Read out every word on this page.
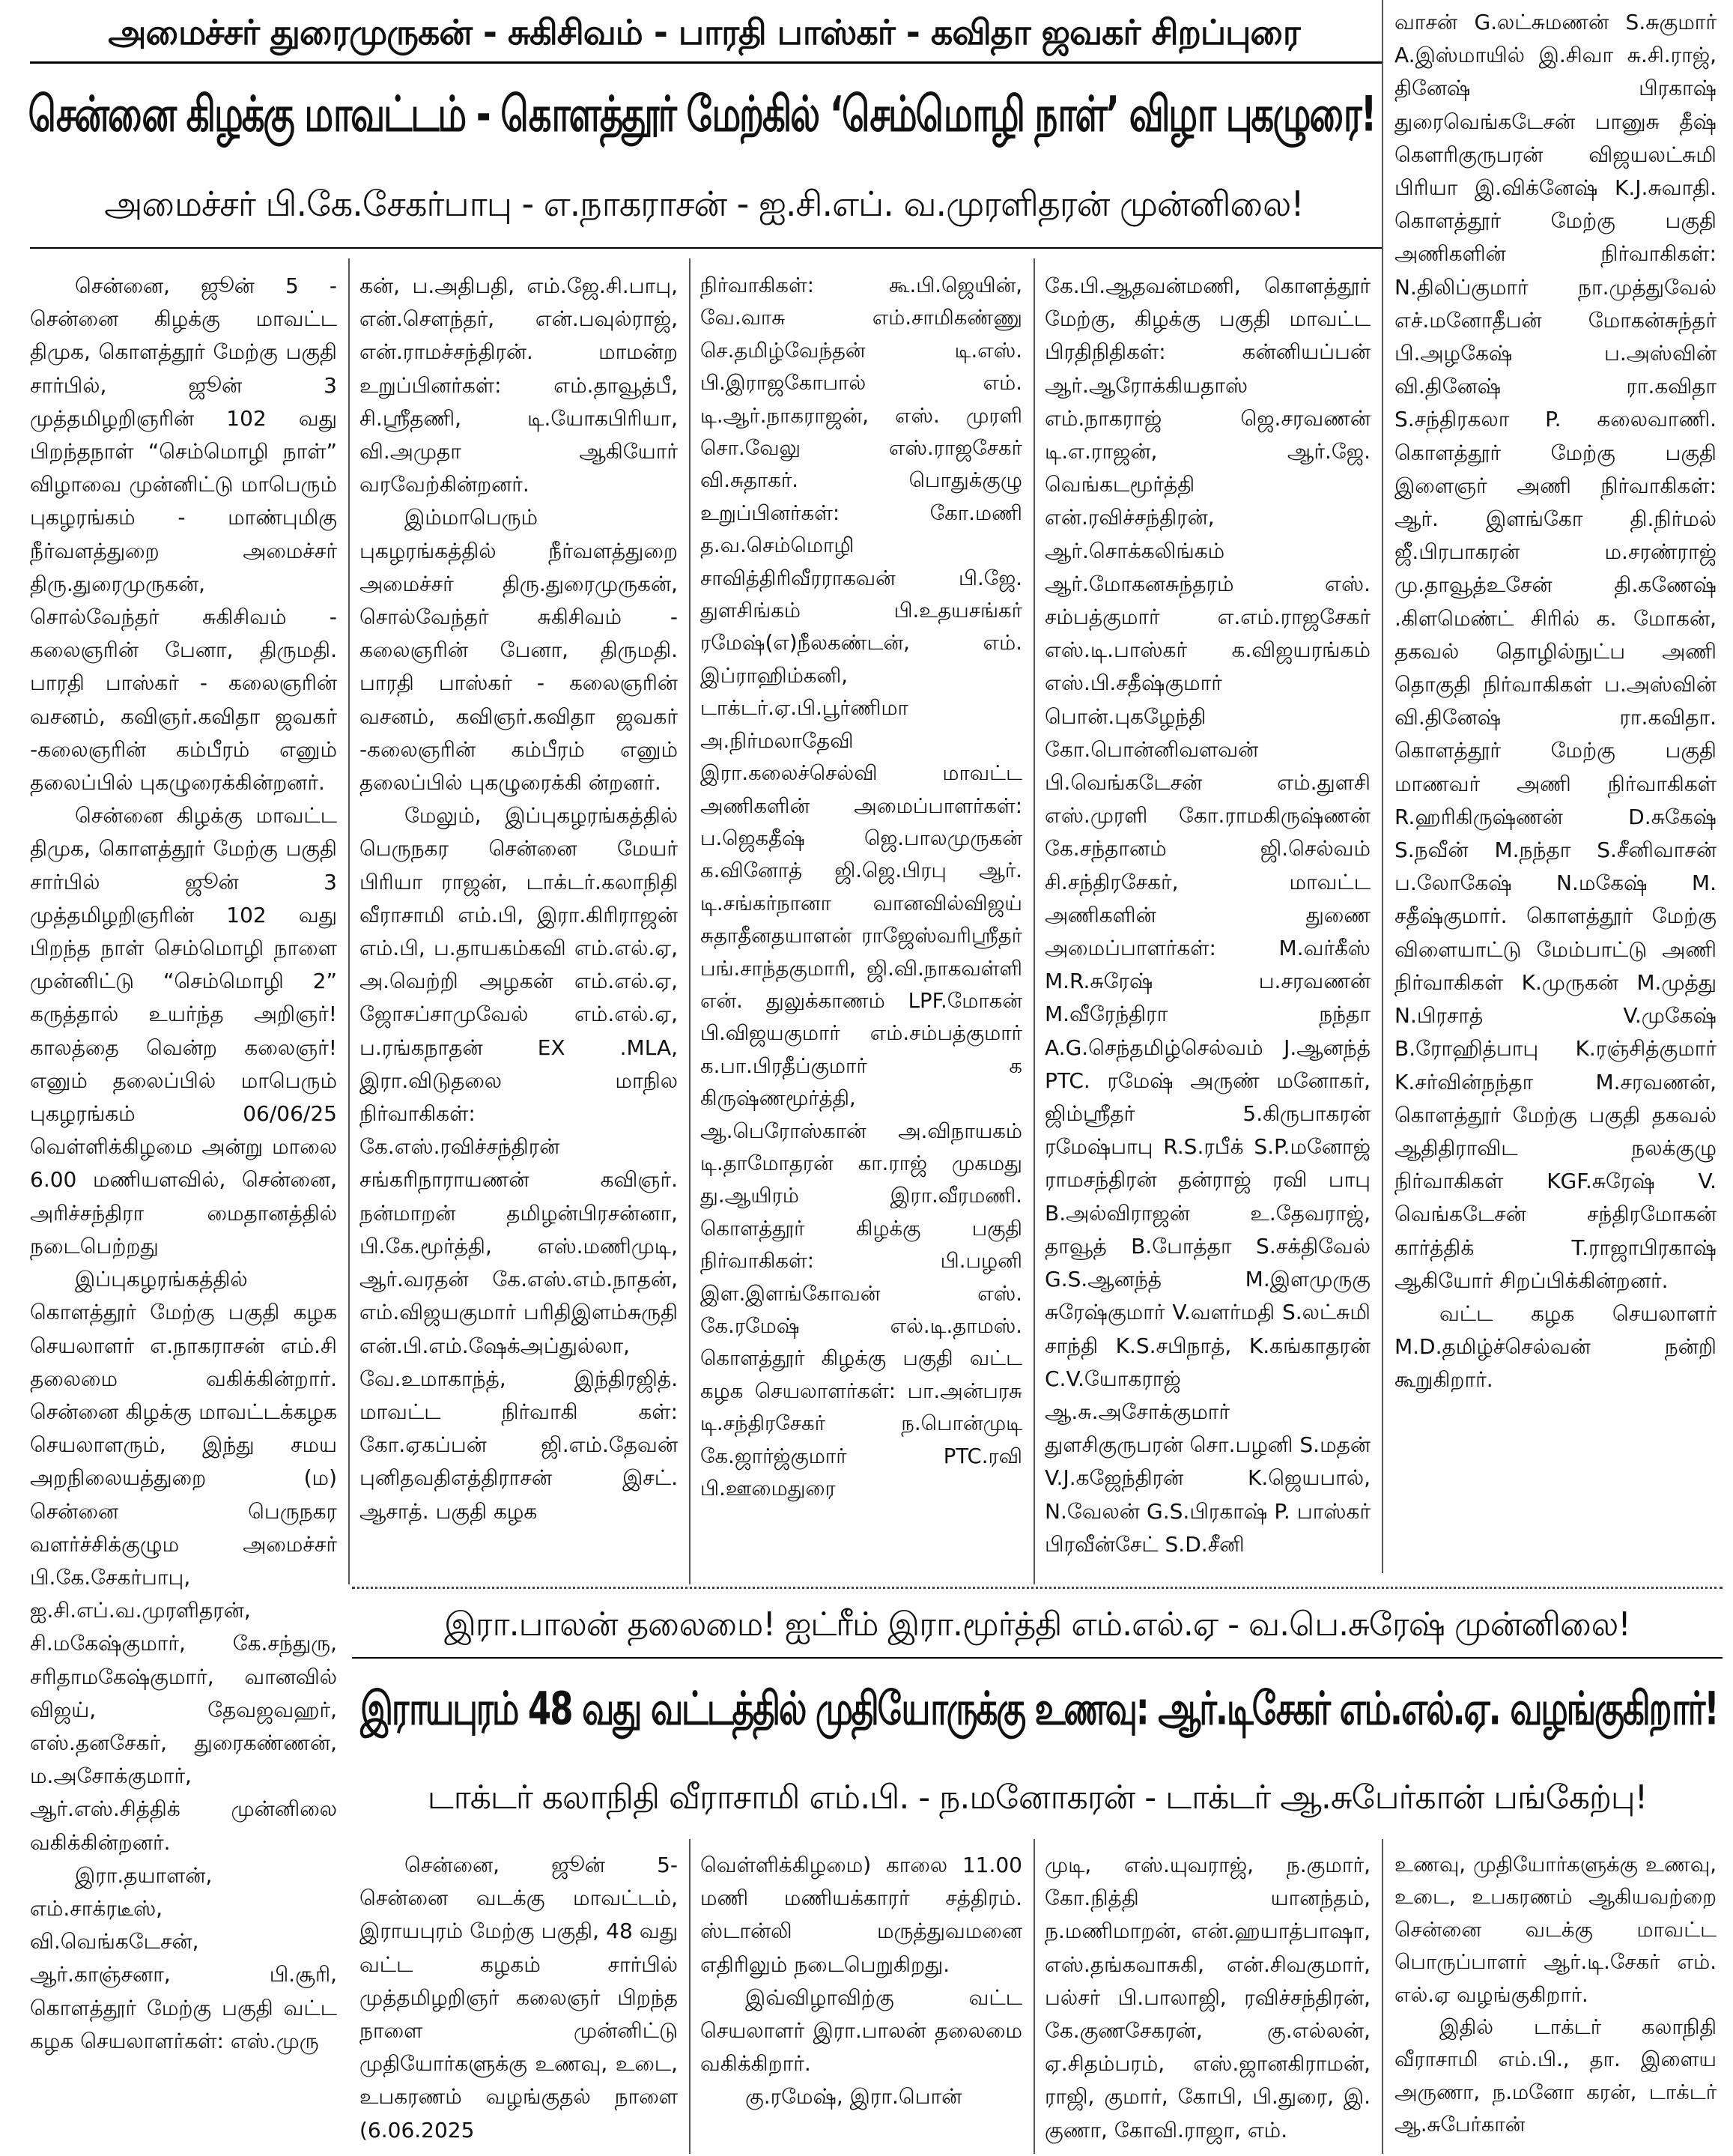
அமைச்சர் துரைமுருகன் - சுகிசிவம் - பாரதி பாஸ்கர் - கவிதா ஜவகர் சிறப்புரை
சென்னை கிழக்கு மாவட்டம் - கொளத்தூர் மேற்கில் ‘செம்மொழி நாள்’ விழா புகழுரை!
அமைச்சர் பி.கே.சேகர்பாபு - எ.நாகராசன் - ஐ.சி.எப். வ.முரளிதரன் முன்னிலை!

சென்னை, ஜூன் 5 - சென்னை கிழக்கு மாவட்ட திமுக, கொளத்தூர் மேற்கு பகுதி சார்பில், ஜூன் 3 முத்தமிழறிஞரின் 102 வது பிறந்தநாள் “செம்மொழி நாள்” விழாவை முன்னிட்டு மாபெரும் புகழரங்கம் - மாண்புமிகு நீர்வளத்துறை அமைச்சர் திரு.துரைமுருகன், சொல்வேந்தர் சுகிசிவம் - கலைஞரின் பேனா, திருமதி. பாரதி பாஸ்கர் - கலைஞரின் வசனம், கவிஞர்.கவிதா ஜவகர் -கலைஞரின் கம்பீரம் எனும் தலைப்பில் புகழுரைக்கின்றனர்.

சென்னை கிழக்கு மாவட்ட திமுக, கொளத்தூர் மேற்கு பகுதி சார்பில் ஜூன் 3 முத்தமிழறிஞரின் 102 வது பிறந்த நாள் செம்மொழி நாளை முன்னிட்டு “செம்மொழி 2” கருத்தால் உயர்ந்த அறிஞர்! காலத்தை வென்ற கலைஞர்! எனும் தலைப்பில் மாபெரும் புகழரங்கம் 06/06/25 வெள்ளிக்கிழமை அன்று மாலை 6.00 மணியளவில், சென்னை, அரிச்சந்திரா மைதானத்தில் நடைபெற்றது

இப்புகழரங்கத்தில் கொளத்தூர் மேற்கு பகுதி கழக செயலாளர் எ.நாகராசன் எம்.சி தலைமை வகிக்கின்றார். சென்னை கிழக்கு மாவட்டக்கழக செயலாளரும், இந்து சமய அறநிலையத்துறை (ம) சென்னை பெருநகர வளர்ச்சிக்குழும அமைச்சர் பி.கே.சேகர்பாபு, ஐ.சி.எப்.வ.முரளிதரன், சி.மகேஷ்குமார், கே.சந்துரு, சரிதாமகேஷ்குமார், வானவில் விஜய், தேவஜவஹர், எஸ்.தனசேகர், துரைகண்ணன், ம.அசோக்குமார், ஆர்.எஸ்.சித்திக் முன்னிலை வகிக்கின்றனர்.

இரா.தயாளன், எம்.சாக்ரடீஸ், வி.வெங்கடேசன், ஆர்.காஞ்சனா, பி.சூரி, கொளத்தூர் மேற்கு பகுதி வட்ட கழக செயலாளர்கள்: எஸ்.முரு

கன், ப.அதிபதி, எம்.ஜே.சி.பாபு, என்.சௌந்தர், என்.பவுல்ராஜ், என்.ராமச்சந்திரன். மாமன்ற உறுப்பினர்கள்: எம்.தாவூத்பீ, சி.ஸ்ரீதணி, டி.யோகபிரியா, வி.அமுதா ஆகியோர் வரவேற்கின்றனர்.

இம்மாபெரும் புகழரங்கத்தில் நீர்வளத்துறை அமைச்சர் திரு.துரைமுருகன், சொல்வேந்தர் சுகிசிவம் - கலைஞரின் பேனா, திருமதி. பாரதி பாஸ்கர் - கலைஞரின் வசனம், கவிஞர்.கவிதா ஜவகர் -கலைஞரின் கம்பீரம் எனும் தலைப்பில் புகழுரைக்கி ன்றனர்.

மேலும், இப்புகழரங்கத்தில் பெருநகர சென்னை மேயர் பிரியா ராஜன், டாக்டர்.கலாநிதி வீராசாமி எம்.பி, இரா.கிரிராஜன் எம்.பி, ப.தாயகம்கவி எம்.எல்.ஏ, அ.வெற்றி அழகன் எம்.எல்.ஏ, ஜோசப்சாமுவேல் எம்.எல்.ஏ, ப.ரங்கநாதன் EX .MLA, இரா.விடுதலை மாநில நிர்வாகிகள்: கே.எஸ்.ரவிச்சந்திரன் சங்கரிநாராயணன் கவிஞர். நன்மாறன் தமிழன்பிரசன்னா, பி.கே.மூர்த்தி, எஸ்.மணிமுடி, ஆர்.வரதன் கே.எஸ்.எம்.நாதன், எம்.விஜயகுமார் பரிதிஇளம்சுருதி என்.பி.எம்.ஷேக்அப்துல்லா, வே.உமாகாந்த், இந்திரஜித். மாவட்ட நிர்வாகி கள்: கோ.ஏகப்பன் ஜி.எம்.தேவன் புனிதவதிஎத்திராசன் இசட். ஆசாத். பகுதி கழக

நிர்வாகிகள்: கூ.பி.ஜெயின், வே.வாசு எம்.சாமிகண்ணு செ.தமிழ்வேந்தன் டி.எஸ். பி.இராஜகோபால் எம். டி.ஆர்.நாகராஜன், எஸ். முரளி சொ.வேலு எஸ்.ராஜசேகர் வி.சுதாகர். பொதுக்குழு உறுப்பினர்கள்: கோ.மணி த.வ.செம்மொழி சாவித்திரிவீரராகவன் பி.ஜே. துளசிங்கம் பி.உதயசங்கர் ரமேஷ்(எ)நீலகண்டன், எம். இப்ராஹிம்கனி, டாக்டர்.ஏ.பி.பூர்ணிமா அ.நிர்மலாதேவி இரா.கலைச்செல்வி மாவட்ட அணிகளின் அமைப்பாளர்கள்: ப.ஜெகதீஷ் ஜெ.பாலமுருகன் க.வினோத் ஜி.ஜெ.பிரபு ஆர். டி.சங்கர்நானா வானவில்விஜய் சுதாதீனதயாளன் ராஜேஸ்வரிஸ்ரீதர் பங்.சாந்தகுமாரி, ஜி.வி.நாகவள்ளி என். துலுக்காணம் LPF.மோகன் பி.விஜயகுமார் எம்.சம்பத்குமார் க.பா.பிரதீப்குமார் க கிருஷ்ணமூர்த்தி, ஆ.பெரோஸ்கான் அ.விநாயகம் டி.தாமோதரன் கா.ராஜ் முகமது து.ஆயிரம் இரா.வீரமணி. கொளத்தூர் கிழக்கு பகுதி நிர்வாகிகள்: பி.பழனி இள.இளங்கோவன் எஸ். கே.ரமேஷ் எல்.டி.தாமஸ். கொளத்தூர் கிழக்கு பகுதி வட்ட கழக செயலாளர்கள்: பா.அன்பரசு டி.சந்திரசேகர் ந.பொன்முடி கே.ஜார்ஜ்குமார் PTC.ரவி பி.ஊமைதுரை

கே.பி.ஆதவன்மணி, கொளத்தூர் மேற்கு, கிழக்கு பகுதி மாவட்ட பிரதிநிதிகள்: கன்னியப்பன் ஆர்.ஆரோக்கியதாஸ் எம்.நாகராஜ் ஜெ.சரவணன் டி.எ.ராஜன், ஆர்.ஜே. வெங்கடமூர்த்தி என்.ரவிச்சந்திரன், ஆர்.சொக்கலிங்கம் ஆர்.மோகனசுந்தரம் எஸ். சம்பத்குமார் எ.எம்.ராஜசேகர் எஸ்.டி.பாஸ்கர் க.விஜயரங்கம் எஸ்.பி.சதீஷ்குமார் பொன்.புகழேந்தி கோ.பொன்னிவளவன் பி.வெங்கடேசன் எம்.துளசி எஸ்.முரளி கோ.ராமகிருஷ்ணன் கே.சந்தானம் ஜி.செல்வம் சி.சந்திரசேகர், மாவட்ட அணிகளின் துணை அமைப்பாளர்கள்: M.வர்கீஸ் M.R.சுரேஷ் ப.சரவணன் M.வீரேந்திரா நந்தா A.G.செந்தமிழ்செல்வம் J.ஆனந்த் PTC. ரமேஷ் அருண் மனோகர், ஜிம்ஸ்ரீதர் 5.கிருபாகரன் ரமேஷ்பாபு R.S.ரபீக் S.P.மனோஜ் ராமசந்திரன் தன்ராஜ் ரவி பாபு B.அல்விராஜன் உ.தேவராஜ், தாவூத் B.போத்தா S.சக்திவேல் G.S.ஆனந்த் M.இளமுருகு சுரேஷ்குமார் V.வளர்மதி S.லட்சுமி சாந்தி K.S.சபிநாத், K.கங்காதரன் C.V.யோகராஜ் ஆ.சு.அசோக்குமார் துளசிகுருபரன் சொ.பழனி S.மதன் V.J.கஜேந்திரன் K.ஜெயபால், N.வேலன் G.S.பிரகாஷ் P. பாஸ்கர் பிரவீன்சேட் S.D.சீனி

வாசன் G.லட்சுமணன் S.சுகுமார் A.இஸ்மாயில் இ.சிவா சு.சி.ராஜ், தினேஷ் பிரகாஷ் துரைவெங்கடேசன் பானுசு தீஷ் கௌரிகுருபரன் விஜயலட்சுமி பிரியா இ.விக்னேஷ் K.J.சுவாதி. கொளத்தூர் மேற்கு பகுதி அணிகளின் நிர்வாகிகள்: N.திலிப்குமார் நா.முத்துவேல் எச்.மனோதீபன் மோகன்சுந்தர் பி.அழகேஷ் ப.அஸ்வின் வி.தினேஷ் ரா.கவிதா S.சந்திரகலா P. கலைவாணி. கொளத்தூர் மேற்கு பகுதி இளைஞர் அணி நிர்வாகிகள்: ஆர். இளங்கோ தி.நிர்மல் ஜீ.பிரபாகரன் ம.சரண்ராஜ் மு.தாவூத்உசேன் தி.கணேஷ் .கிளமெண்ட் சிரில் க. மோகன், தகவல் தொழில்நுட்ப அணி தொகுதி நிர்வாகிகள் ப.அஸ்வின் வி.தினேஷ் ரா.கவிதா. கொளத்தூர் மேற்கு பகுதி மாணவர் அணி நிர்வாகிகள் R.ஹரிகிருஷ்ணன் D.சுகேஷ் S.நவீன் M.நந்தா S.சீனிவாசன் ப.லோகேஷ் N.மகேஷ் M. சதீஷ்குமார். கொளத்தூர் மேற்கு விளையாட்டு மேம்பாட்டு அணி நிர்வாகிகள் K.முருகன் M.முத்து N.பிரசாத் V.முகேஷ் B.ரோஹித்பாபு K.ரஞ்சித்குமார் K.சர்வின்நந்தா M.சரவணன், கொளத்தூர் மேற்கு பகுதி தகவல் ஆதிதிராவிட நலக்குழு நிர்வாகிகள் KGF.சுரேஷ் V. வெங்கடேசன் சந்திரமோகன் கார்த்திக் T.ராஜாபிரகாஷ் ஆகியோர் சிறப்பிக்கின்றனர்.

வட்ட கழக செயலாளர் M.D.தமிழ்ச்செல்வன் நன்றி கூறுகிறார்.

இரா.பாலன் தலைமை! ஐட்ரீம் இரா.மூர்த்தி எம்.எல்.ஏ - வ.பெ.சுரேஷ் முன்னிலை!
இராயபுரம் 48 வது வட்டத்தில் முதியோருக்கு உணவு: ஆர்.டிசேகர் எம்.எல்.ஏ. வழங்குகிறார்!
டாக்டர் கலாநிதி வீராசாமி எம்.பி. - ந.மனோகரன் - டாக்டர் ஆ.சுபேர்கான் பங்கேற்பு!

சென்னை, ஜூன் 5- சென்னை வடக்கு மாவட்டம், இராயபுரம் மேற்கு பகுதி, 48 வது வட்ட கழகம் சார்பில் முத்தமிழறிஞர் கலைஞர் பிறந்த நாளை முன்னிட்டு முதியோர்களுக்கு உணவு, உடை, உபகரணம் வழங்குதல் நாளை (6.06.2025

வெள்ளிக்கிழமை) காலை 11.00 மணி மணியக்காரர் சத்திரம். ஸ்டான்லி மருத்துவமனை எதிரிலும் நடைபெறுகிறது.

இவ்விழாவிற்கு வட்ட செயலாளர் இரா.பாலன் தலைமை வகிக்கிறார்.

கு.ரமேஷ், இரா.பொன்

முடி, எஸ்.யுவராஜ், ந.குமார், கோ.நித்தி யானந்தம், ந.மணிமாறன், என்.ஹயாத்பாஷா, எஸ்.தங்கவாசுகி, என்.சிவகுமார், பல்சர் பி.பாலாஜி, ரவிச்சந்திரன், கே.குணசேகரன், கு.எல்லன், ஏ.சிதம்பரம், எஸ்.ஜானகிராமன், ராஜி, குமார், கோபி, பி.துரை, இ. குணா, கோவி.ராஜா, எம்.

உணவு, முதியோர்களுக்கு உணவு, உடை, உபகரணம் ஆகியவற்றை சென்னை வடக்கு மாவட்ட பொருப்பாளர் ஆர்.டி.சேகர் எம். எல்.ஏ வழங்குகிறார்.

இதில் டாக்டர் கலாநிதி வீராசாமி எம்.பி., தா. இளைய அருணா, ந.மனோ கரன், டாக்டர் ஆ.சுபேர்கான்
